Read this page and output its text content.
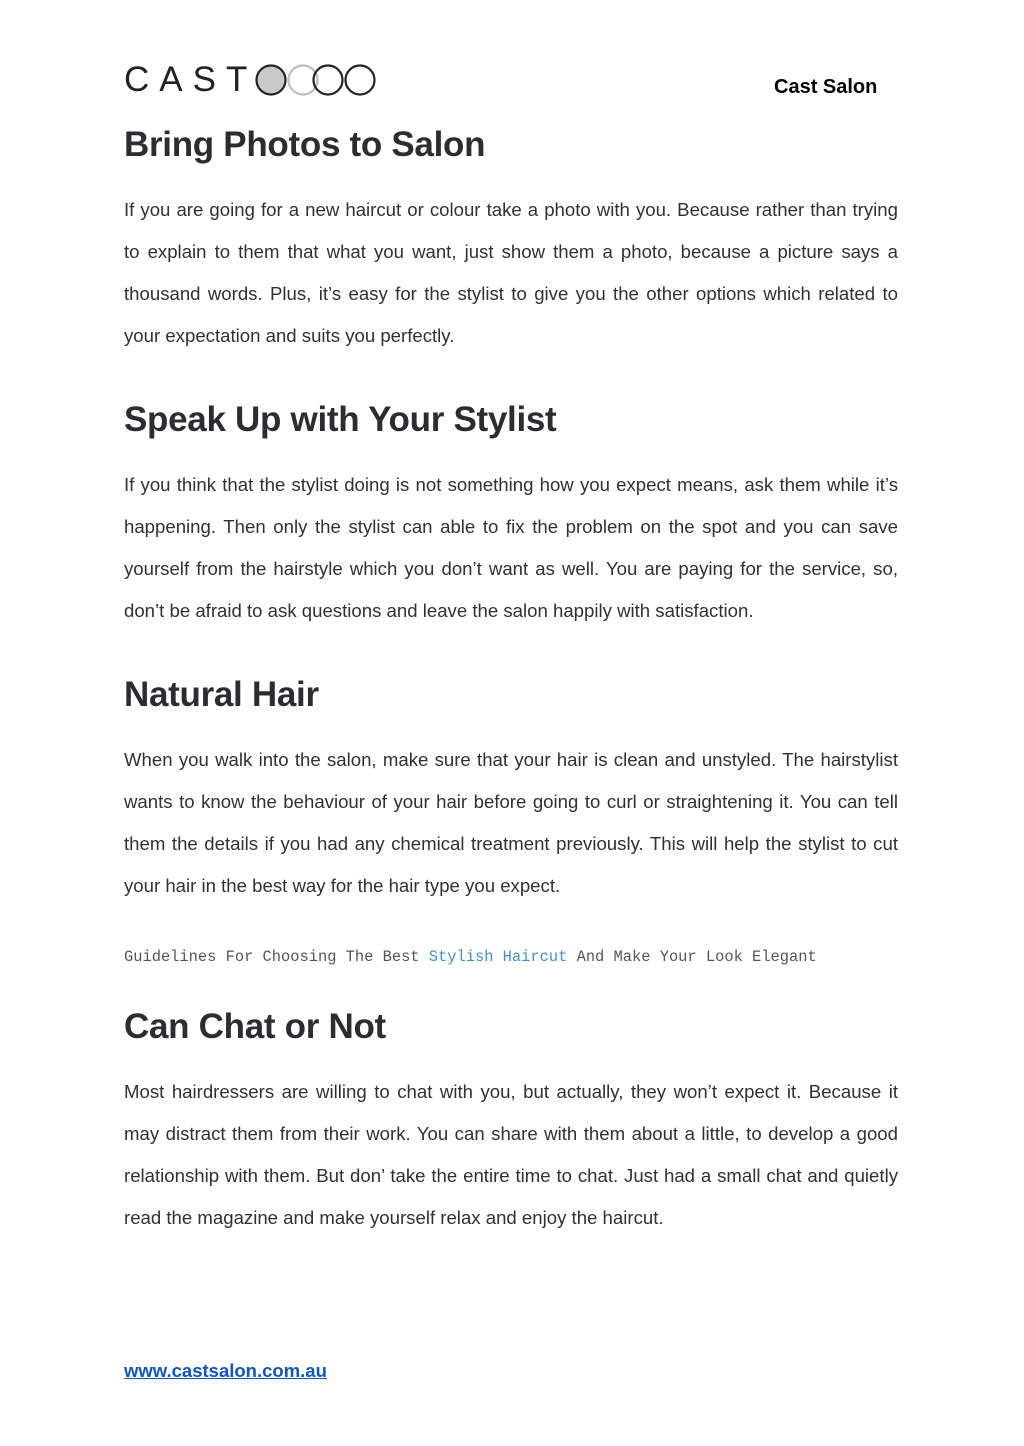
CAST	Cast Salon
Bring Photos to Salon

If you are going for a new haircut or colour take a photo with you. Because rather than trying to explain to them that what you want, just show them a photo, because a picture says a thousand words. Plus, it’s easy for the stylist to give you the other options which related to your expectation and suits you perfectly.

Speak Up with Your Stylist

If you think that the stylist doing is not something how you expect means, ask them while it’s happening. Then only the stylist can able to fix the problem on the spot and you can save yourself from the hairstyle which you don’t want as well. You are paying for the service, so, don’t be afraid to ask questions and leave the salon happily with satisfaction.

Natural Hair

When you walk into the salon, make sure that your hair is clean and unstyled. The hairstylist wants to know the behaviour of your hair before going to curl or straightening it. You can tell them the details if you had any chemical treatment previously. This will help the stylist to cut your hair in the best way for the hair type you expect.

Guidelines For Choosing The Best Stylish Haircut And Make Your Look Elegant
Can Chat or Not

Most hairdressers are willing to chat with you, but actually, they won’t expect it. Because it may distract them from their work. You can share with them about a little, to develop a good relationship with them. But don’ take the entire time to chat. Just had a small chat and quietly read the magazine and make yourself relax and enjoy the haircut.

www.castsalon.com.au
